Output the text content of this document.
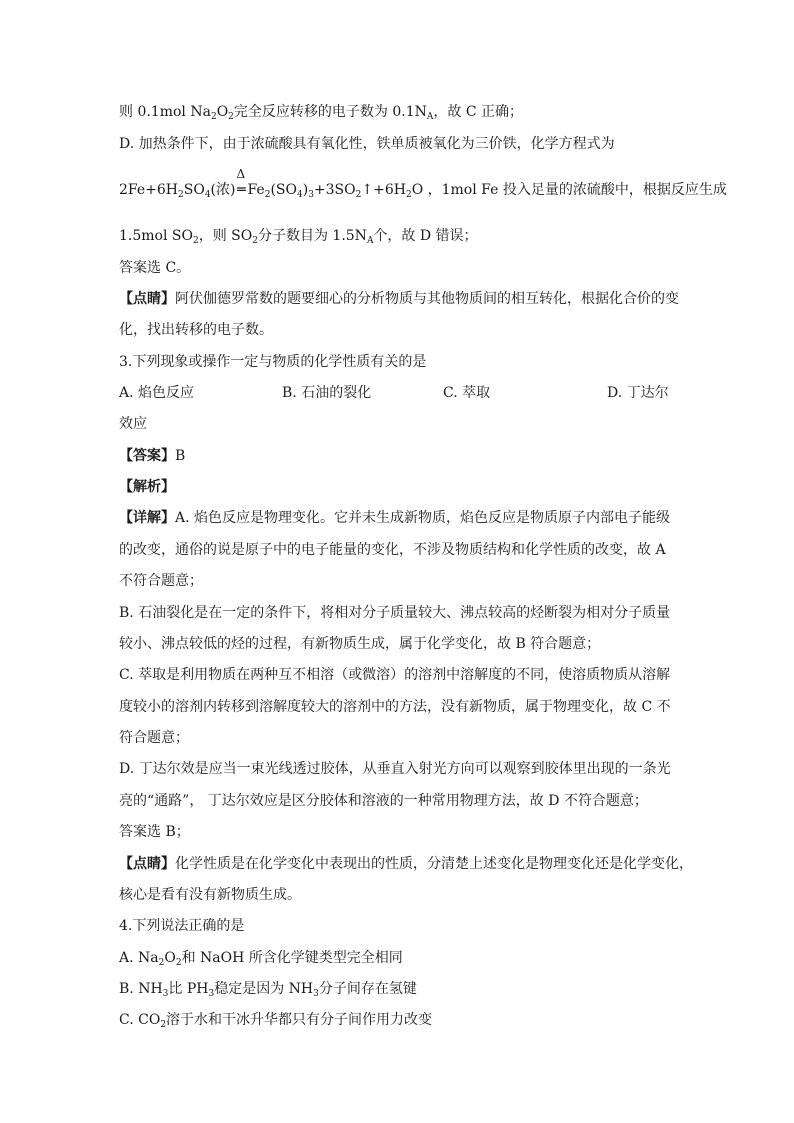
则 0.1mol $Na_2O_2$完全反应转移的电子数为 $0.1N_A$，故 C 正确；
D. 加热条件下，由于浓硫酸具有氧化性，铁单质被氧化为三价铁，化学方程式为
$2Fe+6H_2SO_4$(浓)
Δ
═ $Fe_2(SO_4)_3+3SO_2↑+6H_2O$ ，1mol Fe 投入足量的浓硫酸中，根据反应生成
1.5mol $SO_2$，则 $SO_2$分子数目为 $1.5N_A$个，故 D 错误；
答案选 C。
【点睛】阿伏伽德罗常数的题要细心的分析物质与其他物质间的相互转化，根据化合价的变
化，找出转移的电子数。
3.下列现象或操作一定与物质的化学性质有关的是
A. 焰色反应	B. 石油的裂化	C. 萃取	D. 丁达尔
效应
【答案】B
【解析】
【详解】A. 焰色反应是物理变化。它并未生成新物质，焰色反应是物质原子内部电子能级
的改变，通俗的说是原子中的电子能量的变化，不涉及物质结构和化学性质的改变，故 A
不符合题意；
B. 石油裂化是在一定的条件下，将相对分子质量较大、沸点较高的烃断裂为相对分子质量
较小、沸点较低的烃的过程，有新物质生成，属于化学变化，故 B 符合题意；
C. 萃取是利用物质在两种互不相溶（或微溶）的溶剂中溶解度的不同，使溶质物质从溶解
度较小的溶剂内转移到溶解度较大的溶剂中的方法，没有新物质，属于物理变化，故 C 不
符合题意；
D. 丁达尔效是应当一束光线透过胶体，从垂直入射光方向可以观察到胶体里出现的一条光
亮的“通路”， 丁达尔效应是区分胶体和溶液的一种常用物理方法，故 D 不符合题意；
答案选 B；
【点睛】化学性质是在化学变化中表现出的性质，分清楚上述变化是物理变化还是化学变化，
核心是看有没有新物质生成。
4.下列说法正确的是
A. $Na_2O_2$和 NaOH 所含化学键类型完全相同
B. $NH_3$比 $PH_3$稳定是因为 $NH_3$分子间存在氢键
C. $CO_2$溶于水和干冰升华都只有分子间作用力改变
